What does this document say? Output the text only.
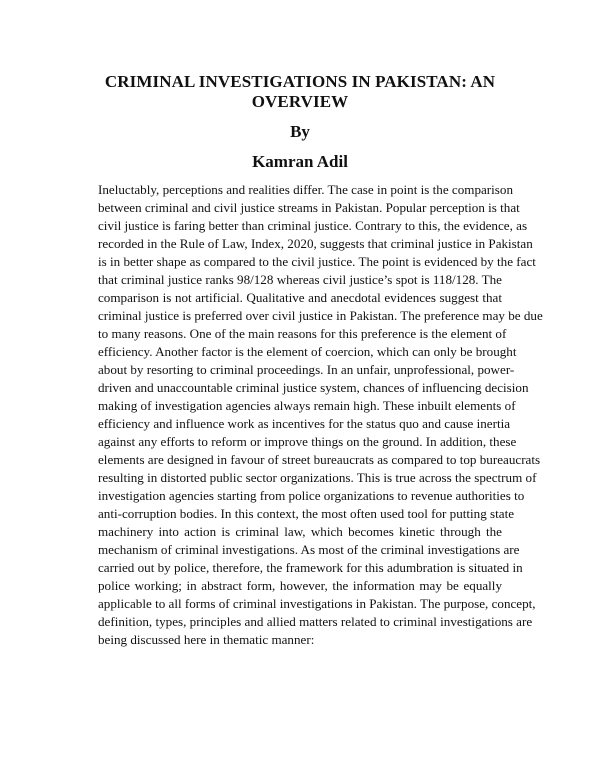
CRIMINAL INVESTIGATIONS IN PAKISTAN: AN OVERVIEW
By
Kamran Adil
Ineluctably, perceptions and realities differ. The case in point is the comparison
between criminal and civil justice streams in Pakistan. Popular perception is that
civil justice is faring better than criminal justice. Contrary to this, the evidence, as
recorded in the Rule of Law, Index, 2020, suggests that criminal justice in Pakistan
is in better shape as compared to the civil justice. The point is evidenced by the fact
that criminal justice ranks 98/128 whereas civil justice’s spot is 118/128. The
comparison is not artificial. Qualitative and anecdotal evidences suggest that
criminal justice is preferred over civil justice in Pakistan. The preference may be due
to many reasons. One of the main reasons for this preference is the element of
efficiency. Another factor is the element of coercion, which can only be brought
about by resorting to criminal proceedings. In an unfair, unprofessional, power-
driven and unaccountable criminal justice system, chances of influencing decision
making of investigation agencies always remain high. These inbuilt elements of
efficiency and influence work as incentives for the status quo and cause inertia
against any efforts to reform or improve things on the ground. In addition, these
elements are designed in favour of street bureaucrats as compared to top bureaucrats
resulting in distorted public sector organizations. This is true across the spectrum of
investigation agencies starting from police organizations to revenue authorities to
anti-corruption bodies. In this context, the most often used tool for putting state
machinery into action is criminal law, which becomes kinetic through the
mechanism of criminal investigations. As most of the criminal investigations are
carried out by police, therefore, the framework for this adumbration is situated in
police working; in abstract form, however, the information may be equally
applicable to all forms of criminal investigations in Pakistan. The purpose, concept,
definition, types, principles and allied matters related to criminal investigations are
being discussed here in thematic manner:
